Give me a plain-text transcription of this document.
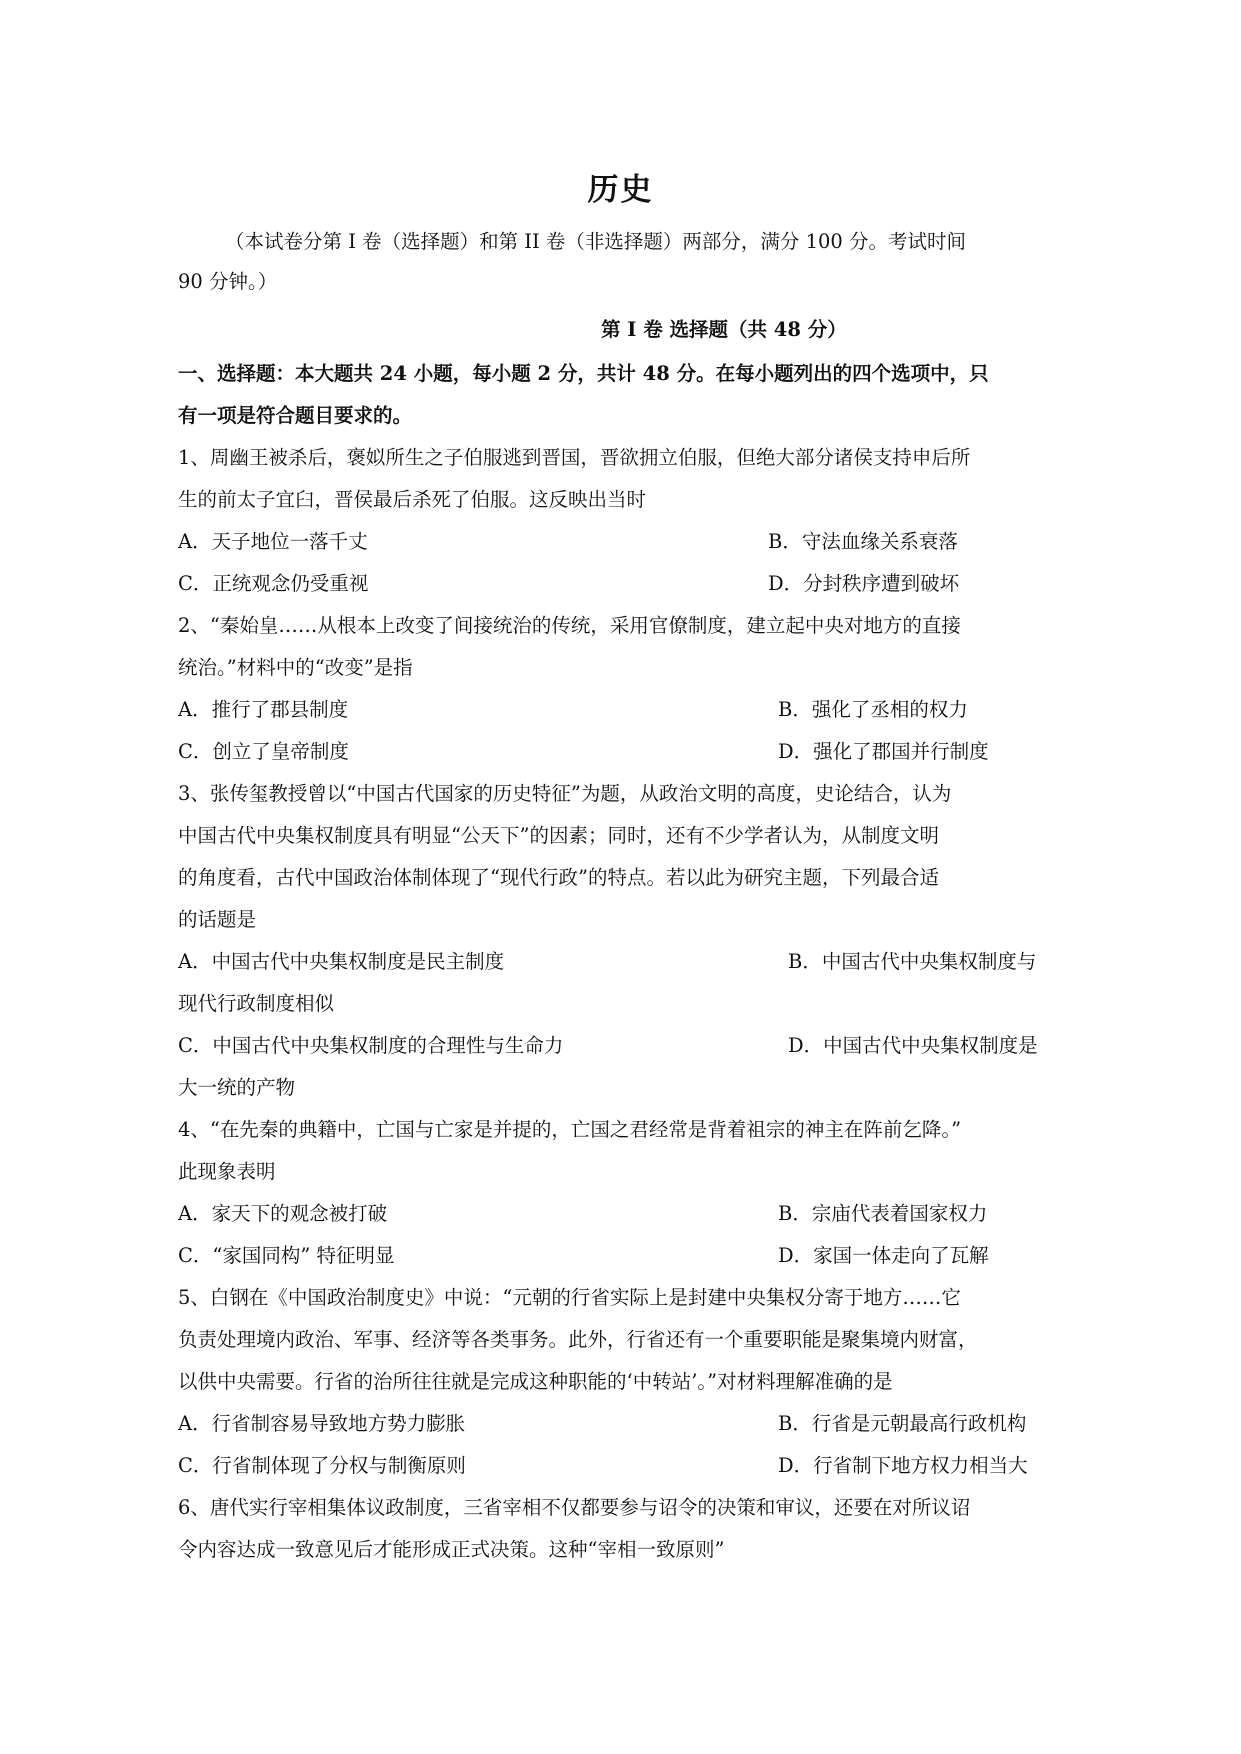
历史
（本试卷分第 I 卷（选择题）和第 II 卷（非选择题）两部分，满分 100 分。考试时间
90 分钟。）
第 I 卷 选择题（共 48 分）
一、选择题：本大题共 24 小题，每小题 2 分，共计 48 分。在每小题列出的四个选项中，只
有一项是符合题目要求的。
1、周幽王被杀后，褒姒所生之子伯服逃到晋国，晋欲拥立伯服，但绝大部分诸侯支持申后所
生的前太子宜臼，晋侯最后杀死了伯服。这反映出当时
A．天子地位一落千丈	B．守法血缘关系衰落
C．正统观念仍受重视	D．分封秩序遭到破坏
2、“秦始皇……从根本上改变了间接统治的传统，采用官僚制度，建立起中央对地方的直接
统治。”材料中的“改变”是指
A．推行了郡县制度	B．强化了丞相的权力
C．创立了皇帝制度	D．强化了郡国并行制度
3、张传玺教授曾以“中国古代国家的历史特征”为题，从政治文明的高度，史论结合，认为
中国古代中央集权制度具有明显“公天下”的因素；同时，还有不少学者认为，从制度文明
的角度看，古代中国政治体制体现了“现代行政”的特点。若以此为研究主题，下列最合适
的话题是
A．中国古代中央集权制度是民主制度	B．中国古代中央集权制度与
现代行政制度相似
C．中国古代中央集权制度的合理性与生命力	D．中国古代中央集权制度是
大一统的产物
4、“在先秦的典籍中，亡国与亡家是并提的，亡国之君经常是背着祖宗的神主在阵前乞降。”
此现象表明
A．家天下的观念被打破	B．宗庙代表着国家权力
C．“家国同构” 特征明显	D．家国一体走向了瓦解
5、白钢在《中国政治制度史》中说：“元朝的行省实际上是封建中央集权分寄于地方……它
负责处理境内政治、军事、经济等各类事务。此外，行省还有一个重要职能是聚集境内财富，
以供中央需要。行省的治所往往就是完成这种职能的‘中转站’。”对材料理解准确的是
A．行省制容易导致地方势力膨胀	B．行省是元朝最高行政机构
C．行省制体现了分权与制衡原则	D．行省制下地方权力相当大
6、唐代实行宰相集体议政制度，三省宰相不仅都要参与诏令的决策和审议，还要在对所议诏
令内容达成一致意见后才能形成正式决策。这种“宰相一致原则”
